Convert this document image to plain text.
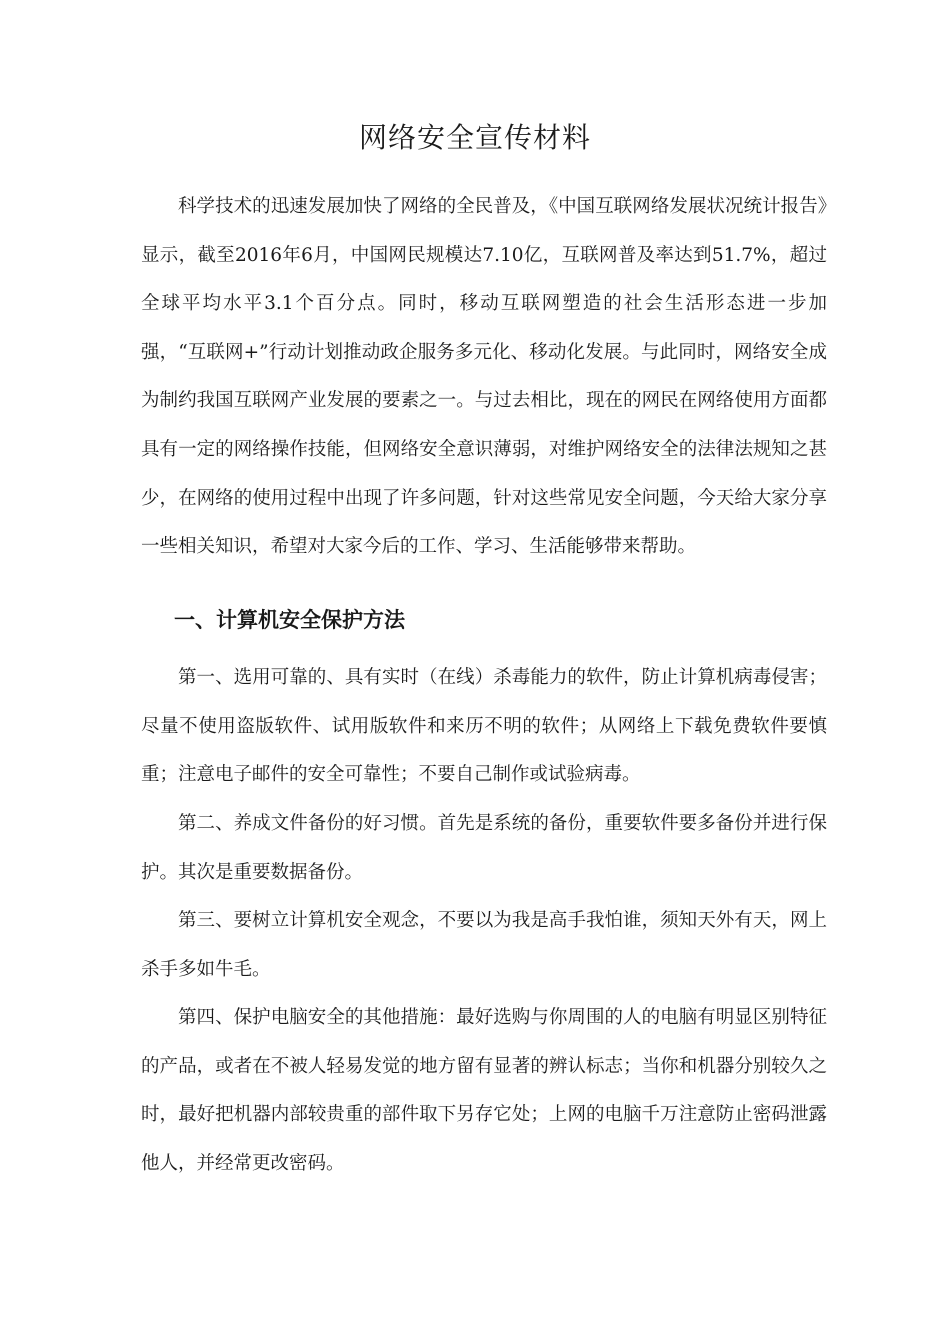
网络安全宣传材料

科学技术的迅速发展加快了网络的全民普及，《中国互联网络发展状况统计报告》显示，截至2016年6月，中国网民规模达7.10亿，互联网普及率达到51.7%，超过全球平均水平3.1个百分点。同时，移动互联网塑造的社会生活形态进一步加强，“互联网+”行动计划推动政企服务多元化、移动化发展。与此同时，网络安全成为制约我国互联网产业发展的要素之一。与过去相比，现在的网民在网络使用方面都具有一定的网络操作技能，但网络安全意识薄弱，对维护网络安全的法律法规知之甚少，在网络的使用过程中出现了许多问题，针对这些常见安全问题，今天给大家分享一些相关知识，希望对大家今后的工作、学习、生活能够带来帮助。

一、计算机安全保护方法

第一、选用可靠的、具有实时（在线）杀毒能力的软件，防止计算机病毒侵害；尽量不使用盗版软件、试用版软件和来历不明的软件；从网络上下载免费软件要慎重；注意电子邮件的安全可靠性；不要自己制作或试验病毒。

第二、养成文件备份的好习惯。首先是系统的备份，重要软件要多备份并进行保护。其次是重要数据备份。

第三、要树立计算机安全观念，不要以为我是高手我怕谁，须知天外有天，网上杀手多如牛毛。

第四、保护电脑安全的其他措施：最好选购与你周围的人的电脑有明显区别特征的产品，或者在不被人轻易发觉的地方留有显著的辨认标志；当你和机器分别较久之时，最好把机器内部较贵重的部件取下另存它处；上网的电脑千万注意防止密码泄露他人，并经常更改密码。
